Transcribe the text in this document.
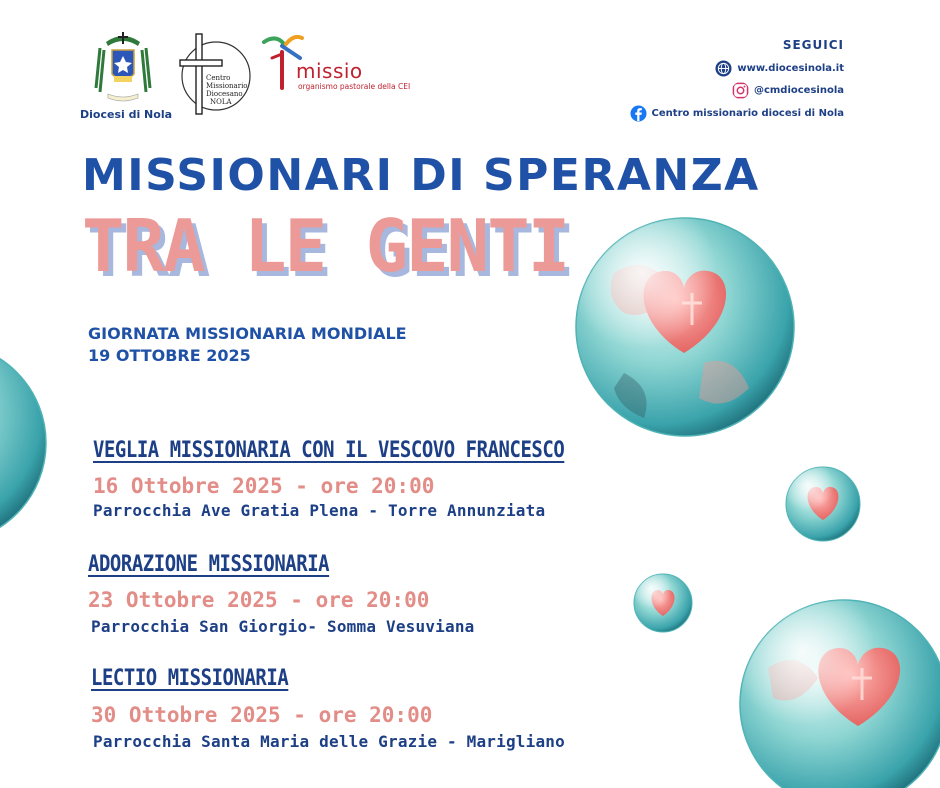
Diocesi di Nola
Centro
Missionario
Diocesano
NOLA
missio
organismo pastorale della CEI
SEGUICI
www.diocesinola.it
@cmdiocesinola
Centro missionario diocesi di Nola
MISSIONARI DI SPERANZA
TRA LE GENTI
GIORNATA MISSIONARIA MONDIALE
19 OTTOBRE 2025
VEGLIA MISSIONARIA CON IL VESCOVO FRANCESCO
16 Ottobre 2025 - ore 20:00
Parrocchia Ave Gratia Plena - Torre Annunziata
ADORAZIONE MISSIONARIA
23 Ottobre 2025 - ore 20:00
Parrocchia San Giorgio- Somma Vesuviana
LECTIO MISSIONARIA
30 Ottobre 2025 - ore 20:00
Parrocchia Santa Maria delle Grazie - Marigliano
